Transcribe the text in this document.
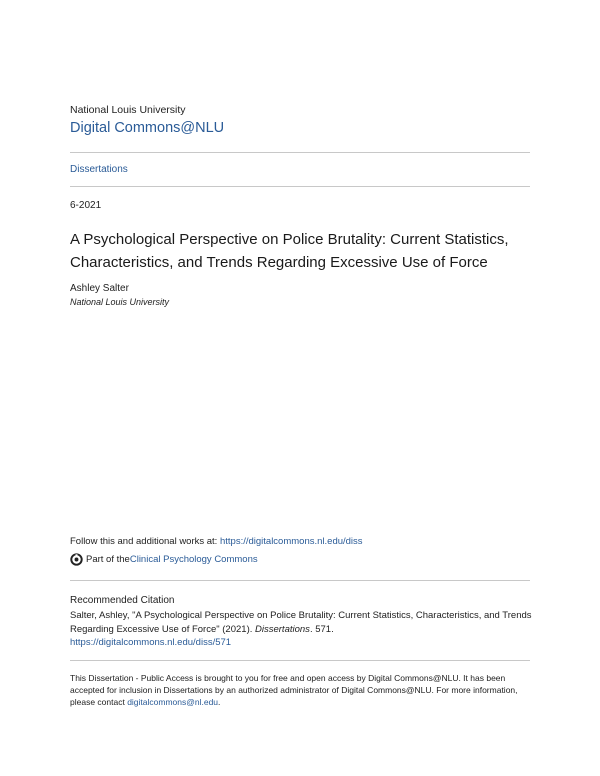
National Louis University
Digital Commons@NLU
Dissertations
6-2021
A Psychological Perspective on Police Brutality: Current Statistics, Characteristics, and Trends Regarding Excessive Use of Force
Ashley Salter
National Louis University
Follow this and additional works at: https://digitalcommons.nl.edu/diss
Part of the Clinical Psychology Commons
Recommended Citation
Salter, Ashley, "A Psychological Perspective on Police Brutality: Current Statistics, Characteristics, and Trends Regarding Excessive Use of Force" (2021). Dissertations. 571.
https://digitalcommons.nl.edu/diss/571
This Dissertation - Public Access is brought to you for free and open access by Digital Commons@NLU. It has been accepted for inclusion in Dissertations by an authorized administrator of Digital Commons@NLU. For more information, please contact digitalcommons@nl.edu.
